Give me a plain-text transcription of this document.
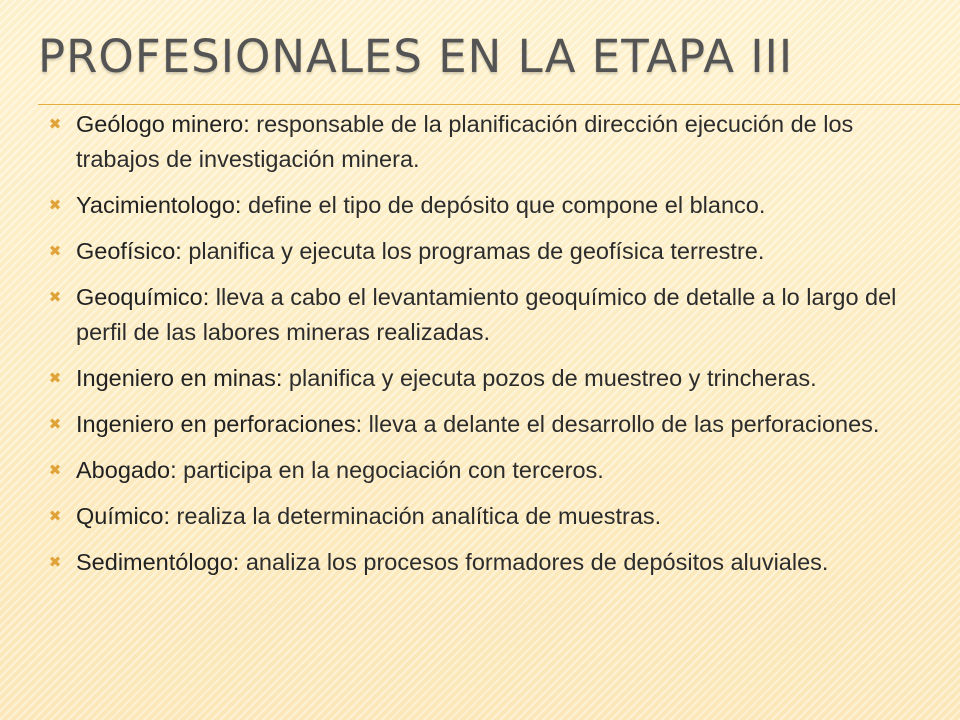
PROFESIONALES EN LA ETAPA III
✖ Geólogo minero: responsable de la planificación dirección ejecución de los trabajos de investigación minera.
✖ Yacimientologo: define el tipo de depósito que compone el blanco.
✖ Geofísico: planifica y ejecuta los programas de geofísica terrestre.
✖ Geoquímico: lleva a cabo el levantamiento geoquímico de detalle a lo largo del perfil de las labores mineras realizadas.
✖ Ingeniero en minas: planifica y ejecuta pozos de muestreo y trincheras.
✖ Ingeniero en perforaciones: lleva a delante el desarrollo de las perforaciones.
✖ Abogado: participa en la negociación con terceros.
✖ Químico: realiza la determinación analítica de muestras.
✖ Sedimentólogo: analiza los procesos formadores de depósitos aluviales.
